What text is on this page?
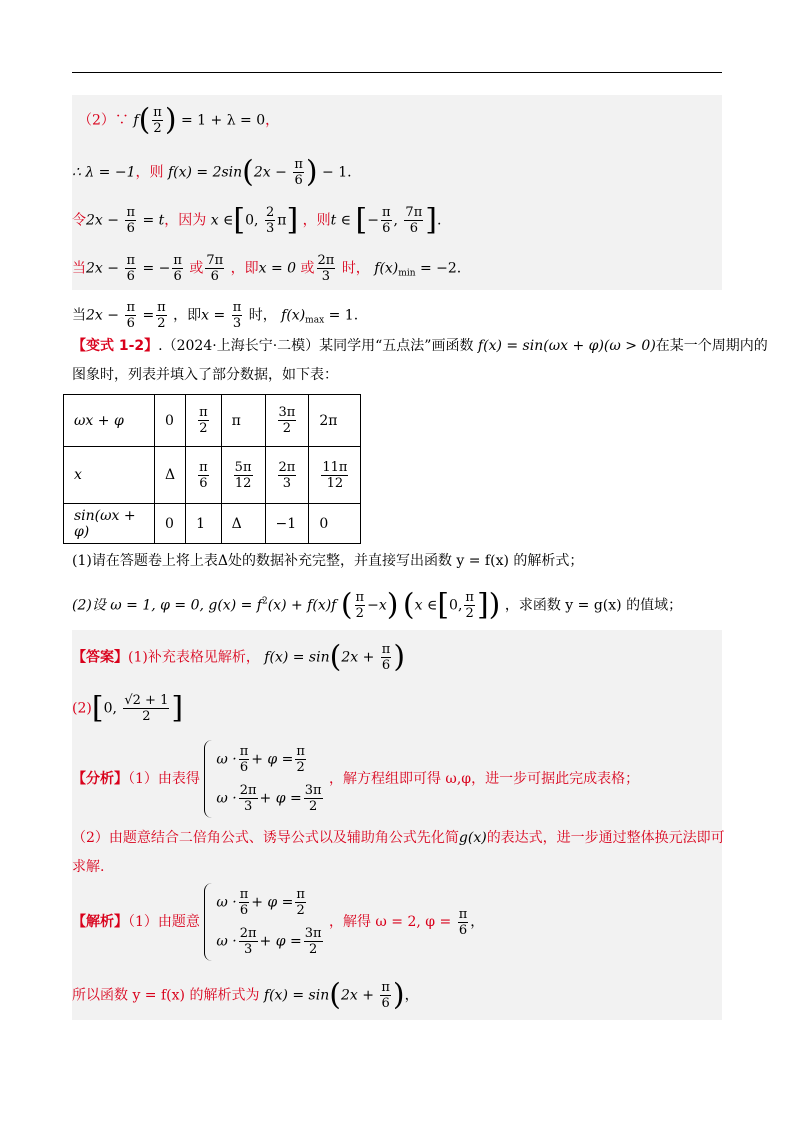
（2）∵ $f( \frac{\pi}{2}$ ) = 1 + λ = 0，
∴ λ = −1，则 $f(x) = 2\sin(2x - \frac{\pi}{6}$ ) − 1.
令$2x - \frac{\pi}{6} = t$，因为 x ∈[0, $\frac{2}{3} \pi$] ，则t ∈ [− $\frac{\pi}{6}$ , $\frac{7\pi}{6}$ ].
当$2x - \frac{\pi}{6}$ = − $\frac{\pi}{6}$ 或 $\frac{7\pi}{6}$ ，即x = 0 或 $\frac{2\pi}{3}$ 时， $f(x)_{min} = -2$.
当$2x - \frac{\pi}{6} = \frac{\pi}{2}$ ，即$x = \frac{\pi}{3}$ 时， $f(x)_{max} = 1$.
【变式 1-2】.（2024·上海长宁·二模）某同学用“五点法”画函数 f(x) = sin(ωx + φ)(ω > 0)在某一个周期内的
图象时，列表并填入了部分数据，如下表：
ωx + φ	0	$\frac{\pi}{2}$	π	$\frac{3\pi}{2}$	2π
x	Δ	$\frac{\pi}{6}$	$\frac{5\pi}{12}$	$\frac{2\pi}{3}$	$\frac{11\pi}{12}$

sin(ωx + φ)	0	1	Δ	−1	0
(1)请在答题卷上将上表Δ处的数据补充完整，并直接写出函数 y = f(x) 的解析式；
(2)设 ω = 1, φ = 0, $g(x) = f^2(x) + f(x)f$ ( $\frac{\pi}{2} -x$) (x ∈[0, $\frac{\pi}{2}$ ]) ，求函数 y = g(x) 的值域；
【答案】(1)补充表格见解析， $f(x) = \sin(2x + \frac{\pi}{6}$ )
(2)[0, $\frac{√2 + 1}{2}$ ]
【分析】（1）由表得
$\omega \cdot \frac{\pi}{6} + \varphi = \frac{\pi}{2}$
$\omega \cdot \frac{2\pi}{3} + \varphi = \frac{3\pi}{2}$
，解方程组即可得 ω,φ，进一步可据此完成表格；
（2）由题意结合二倍角公式、诱导公式以及辅助角公式先化简g(x)的表达式，进一步通过整体换元法即可
求解.
【解析】（1）由题意
$\omega \cdot \frac{\pi}{6} + \varphi = \frac{\pi}{2}$
$\omega \cdot \frac{2\pi}{3} + \varphi = \frac{3\pi}{2}$
，解得 ω = 2, $\varphi = \frac{\pi}{6}$ ，
所以函数 y = f(x) 的解析式为 $f(x) = \sin(2x + \frac{\pi}{6}$ )，
